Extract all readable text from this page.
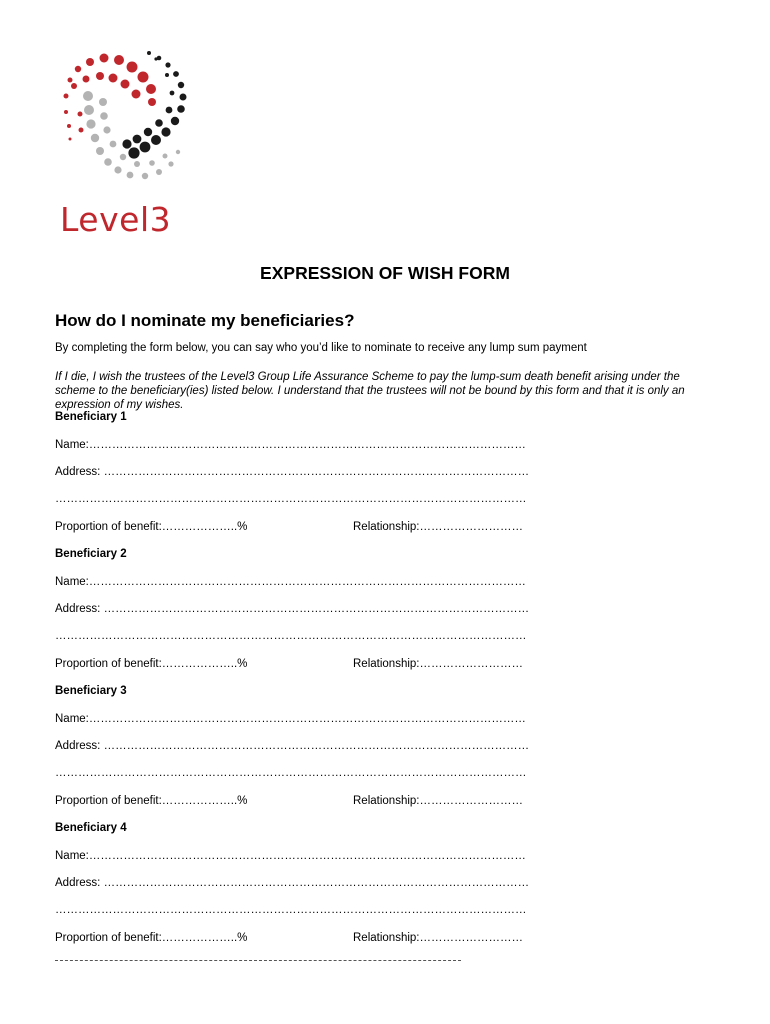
Level3
EXPRESSION OF WISH FORM
How do I nominate my beneficiaries?
By completing the form below, you can say who you’d like to nominate to receive any lump sum payment
If I die, I wish the trustees of the Level3 Group Life Assurance Scheme to pay the lump-sum death benefit arising under the scheme to the beneficiary(ies) listed below. I understand that the trustees will not be bound by this form and that it is only an expression of my wishes.
Beneficiary 1
Name:……………………………………………………………………………………………………
Address: …………………………………………………………………………………………………
……………………………………………………………………………………………………………
Proportion of benefit:………………..%	Relationship:………………………
Beneficiary 2
Name:……………………………………………………………………………………………………
Address: …………………………………………………………………………………………………
……………………………………………………………………………………………………………
Proportion of benefit:………………..%	Relationship:………………………
Beneficiary 3
Name:……………………………………………………………………………………………………
Address: …………………………………………………………………………………………………
……………………………………………………………………………………………………………
Proportion of benefit:………………..%	Relationship:………………………
Beneficiary 4
Name:……………………………………………………………………………………………………
Address: …………………………………………………………………………………………………
……………………………………………………………………………………………………………
Proportion of benefit:………………..%	Relationship:………………………
